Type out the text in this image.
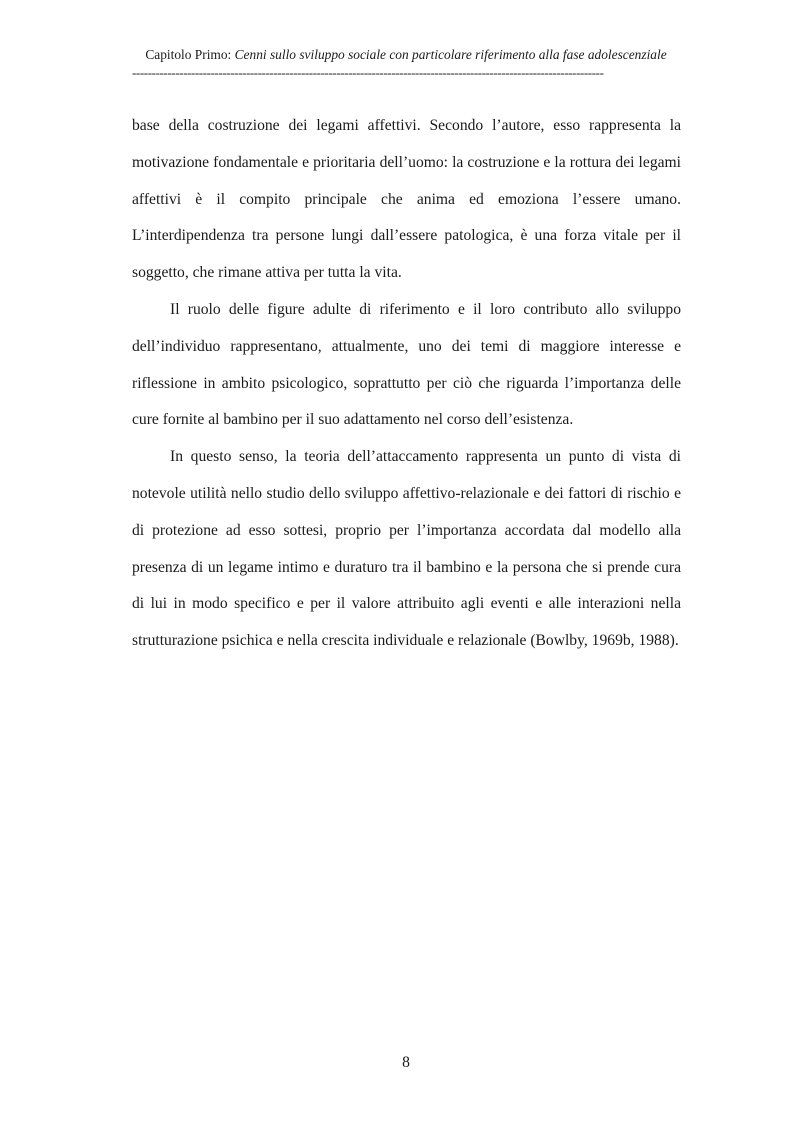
Capitolo Primo: Cenni sullo sviluppo sociale con particolare riferimento alla fase adolescenziale
------------------------------------------------------------------------------------------------------------------------

base della costruzione dei legami affettivi. Secondo l’autore, esso rappresenta la motivazione fondamentale e prioritaria dell’uomo: la costruzione e la rottura dei legami affettivi è il compito principale che anima ed emoziona l’essere umano. L’interdipendenza tra persone lungi dall’essere patologica, è una forza vitale per il soggetto, che rimane attiva per tutta la vita.

Il ruolo delle figure adulte di riferimento e il loro contributo allo sviluppo dell’individuo rappresentano, attualmente, uno dei temi di maggiore interesse e riflessione in ambito psicologico, soprattutto per ciò che riguarda l’importanza delle cure fornite al bambino per il suo adattamento nel corso dell’esistenza.

In questo senso, la teoria dell’attaccamento rappresenta un punto di vista di notevole utilità nello studio dello sviluppo affettivo-relazionale e dei fattori di rischio e di protezione ad esso sottesi, proprio per l’importanza accordata dal modello alla presenza di un legame intimo e duraturo tra il bambino e la persona che si prende cura di lui in modo specifico e per il valore attribuito agli eventi e alle interazioni nella strutturazione psichica e nella crescita individuale e relazionale (Bowlby, 1969b, 1988).

8
